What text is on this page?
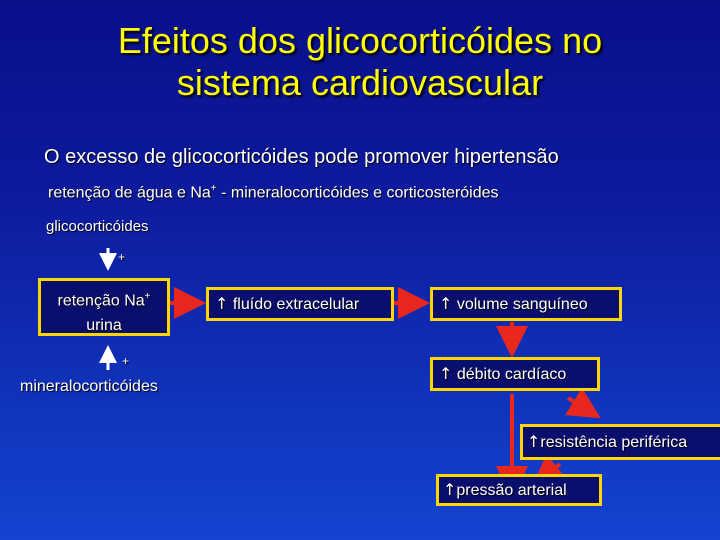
Efeitos dos glicocorticóides no
sistema cardiovascular
O excesso de glicocorticóides pode promover hipertensão
retenção de água e Na+ - mineralocorticóides e corticosteróides
glicocorticóides
+
retenção Na+
urina
+
mineralocorticóides
↑ fluído extracelular	↑ volume sanguíneo
↑ débito cardíaco
↑resistência periférica
↑pressão arterial
